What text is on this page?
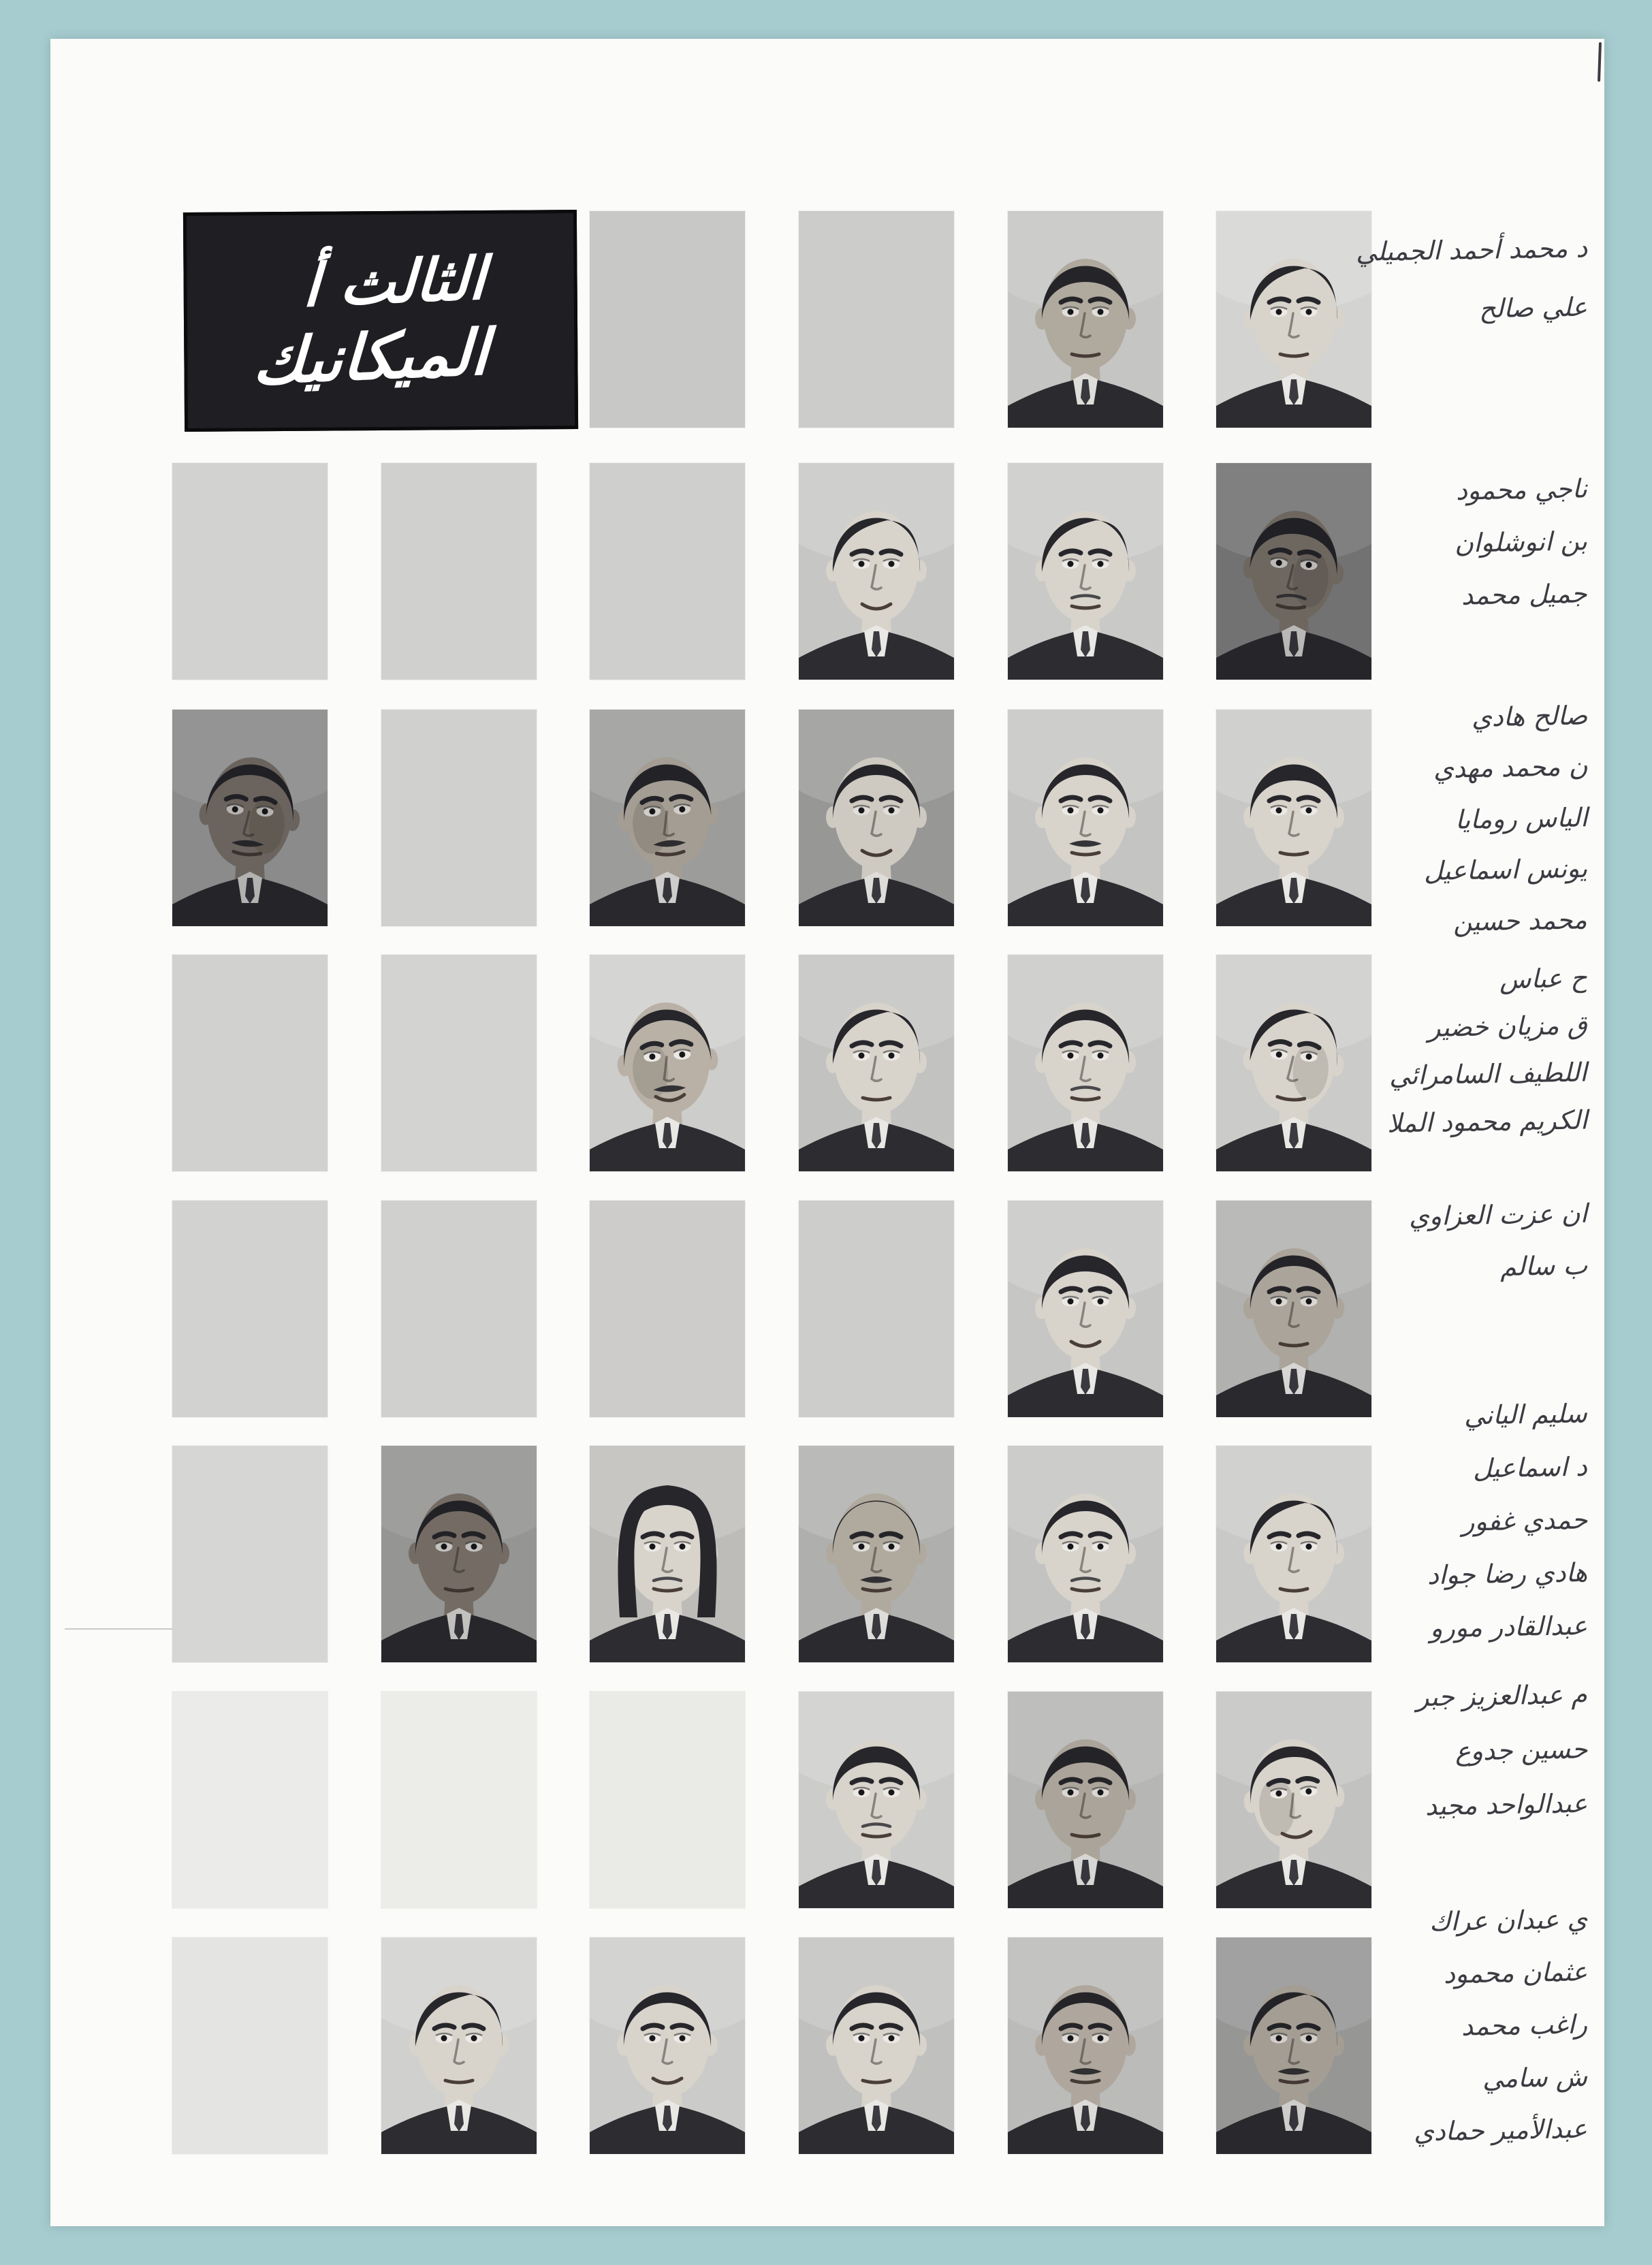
الثالث أ
الميكانيك
د محمد أحمد الجميلي
علي صالح
ناجي محمود
بن انوشلوان
جميل محمد
صالح هادي
ن محمد مهدي
الياس رومايا
يونس اسماعيل
محمد حسين
ح عباس
ق مزيان خضير
اللطيف السامرائي
الكريم محمود الملا
ان عزت العزاوي
ب سالم
سليم الياني
د اسماعيل
حمدي غفور
هادي رضا جواد
عبدالقادر مورو
م عبدالعزيز جبر
حسين جدوع
عبدالواحد مجيد
ي عبدان عراك
عثمان محمود
راغب محمد
ش سامي
عبدالأمير حمادي
